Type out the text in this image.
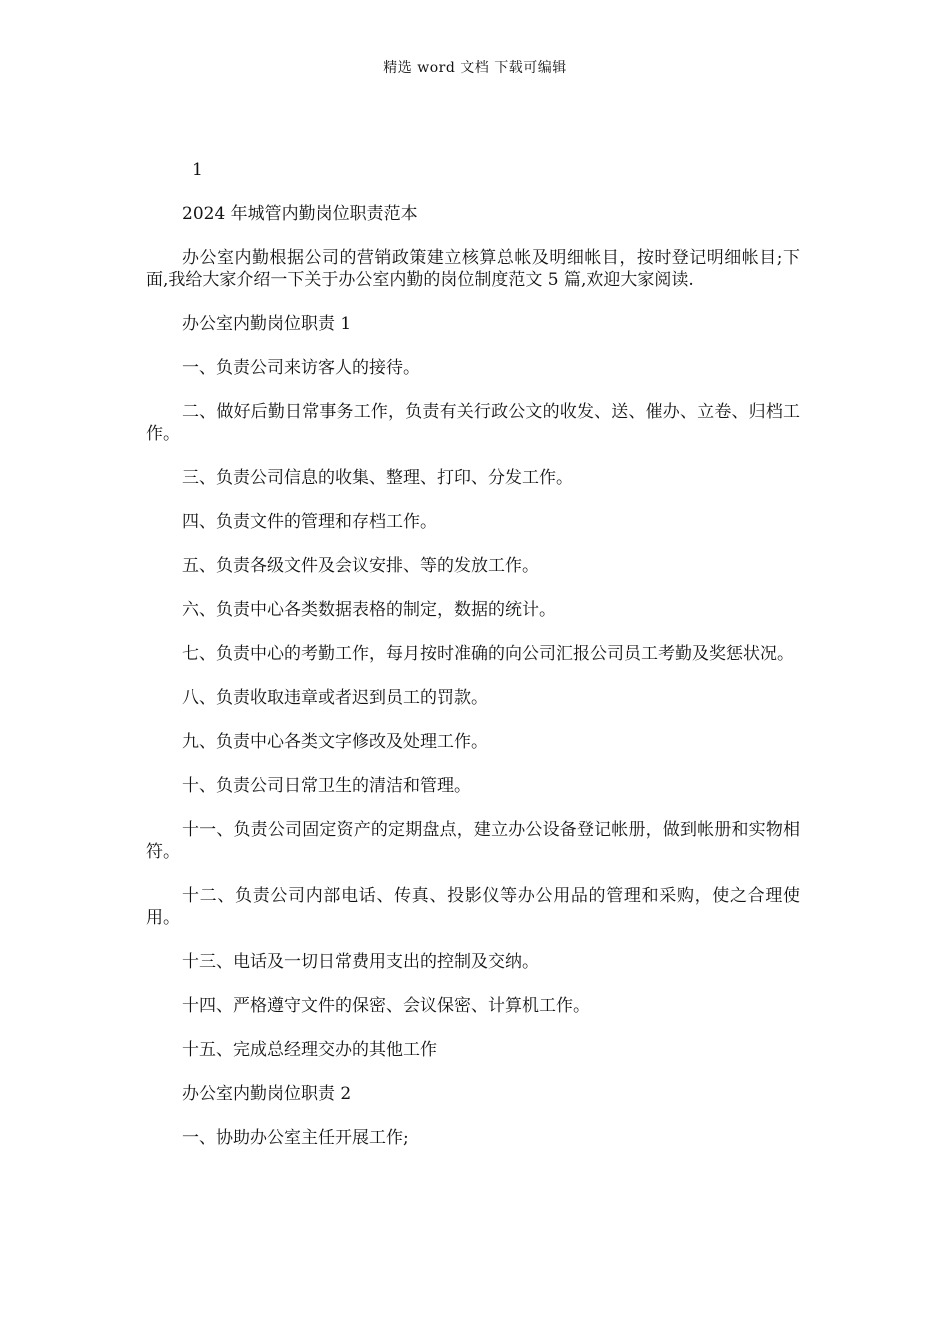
精选 word 文档 下载可编辑
1

2024 年城管内勤岗位职责范本

办公室内勤根据公司的营销政策建立核算总帐及明细帐目，按时登记明细帐目;下面,我给大家介绍一下关于办公室内勤的岗位制度范文 5 篇,欢迎大家阅读.

办公室内勤岗位职责 1

一、负责公司来访客人的接待。

二、做好后勤日常事务工作，负责有关行政公文的收发、送、催办、立卷、归档工作。

三、负责公司信息的收集、整理、打印、分发工作。

四、负责文件的管理和存档工作。

五、负责各级文件及会议安排、等的发放工作。

六、负责中心各类数据表格的制定，数据的统计。

七、负责中心的考勤工作，每月按时准确的向公司汇报公司员工考勤及奖惩状况。

八、负责收取违章或者迟到员工的罚款。

九、负责中心各类文字修改及处理工作。

十、负责公司日常卫生的清洁和管理。

十一、负责公司固定资产的定期盘点，建立办公设备登记帐册，做到帐册和实物相符。

十二、负责公司内部电话、传真、投影仪等办公用品的管理和采购，使之合理使用。

十三、电话及一切日常费用支出的控制及交纳。

十四、严格遵守文件的保密、会议保密、计算机工作。

十五、完成总经理交办的其他工作

办公室内勤岗位职责 2

一、协助办公室主任开展工作;
